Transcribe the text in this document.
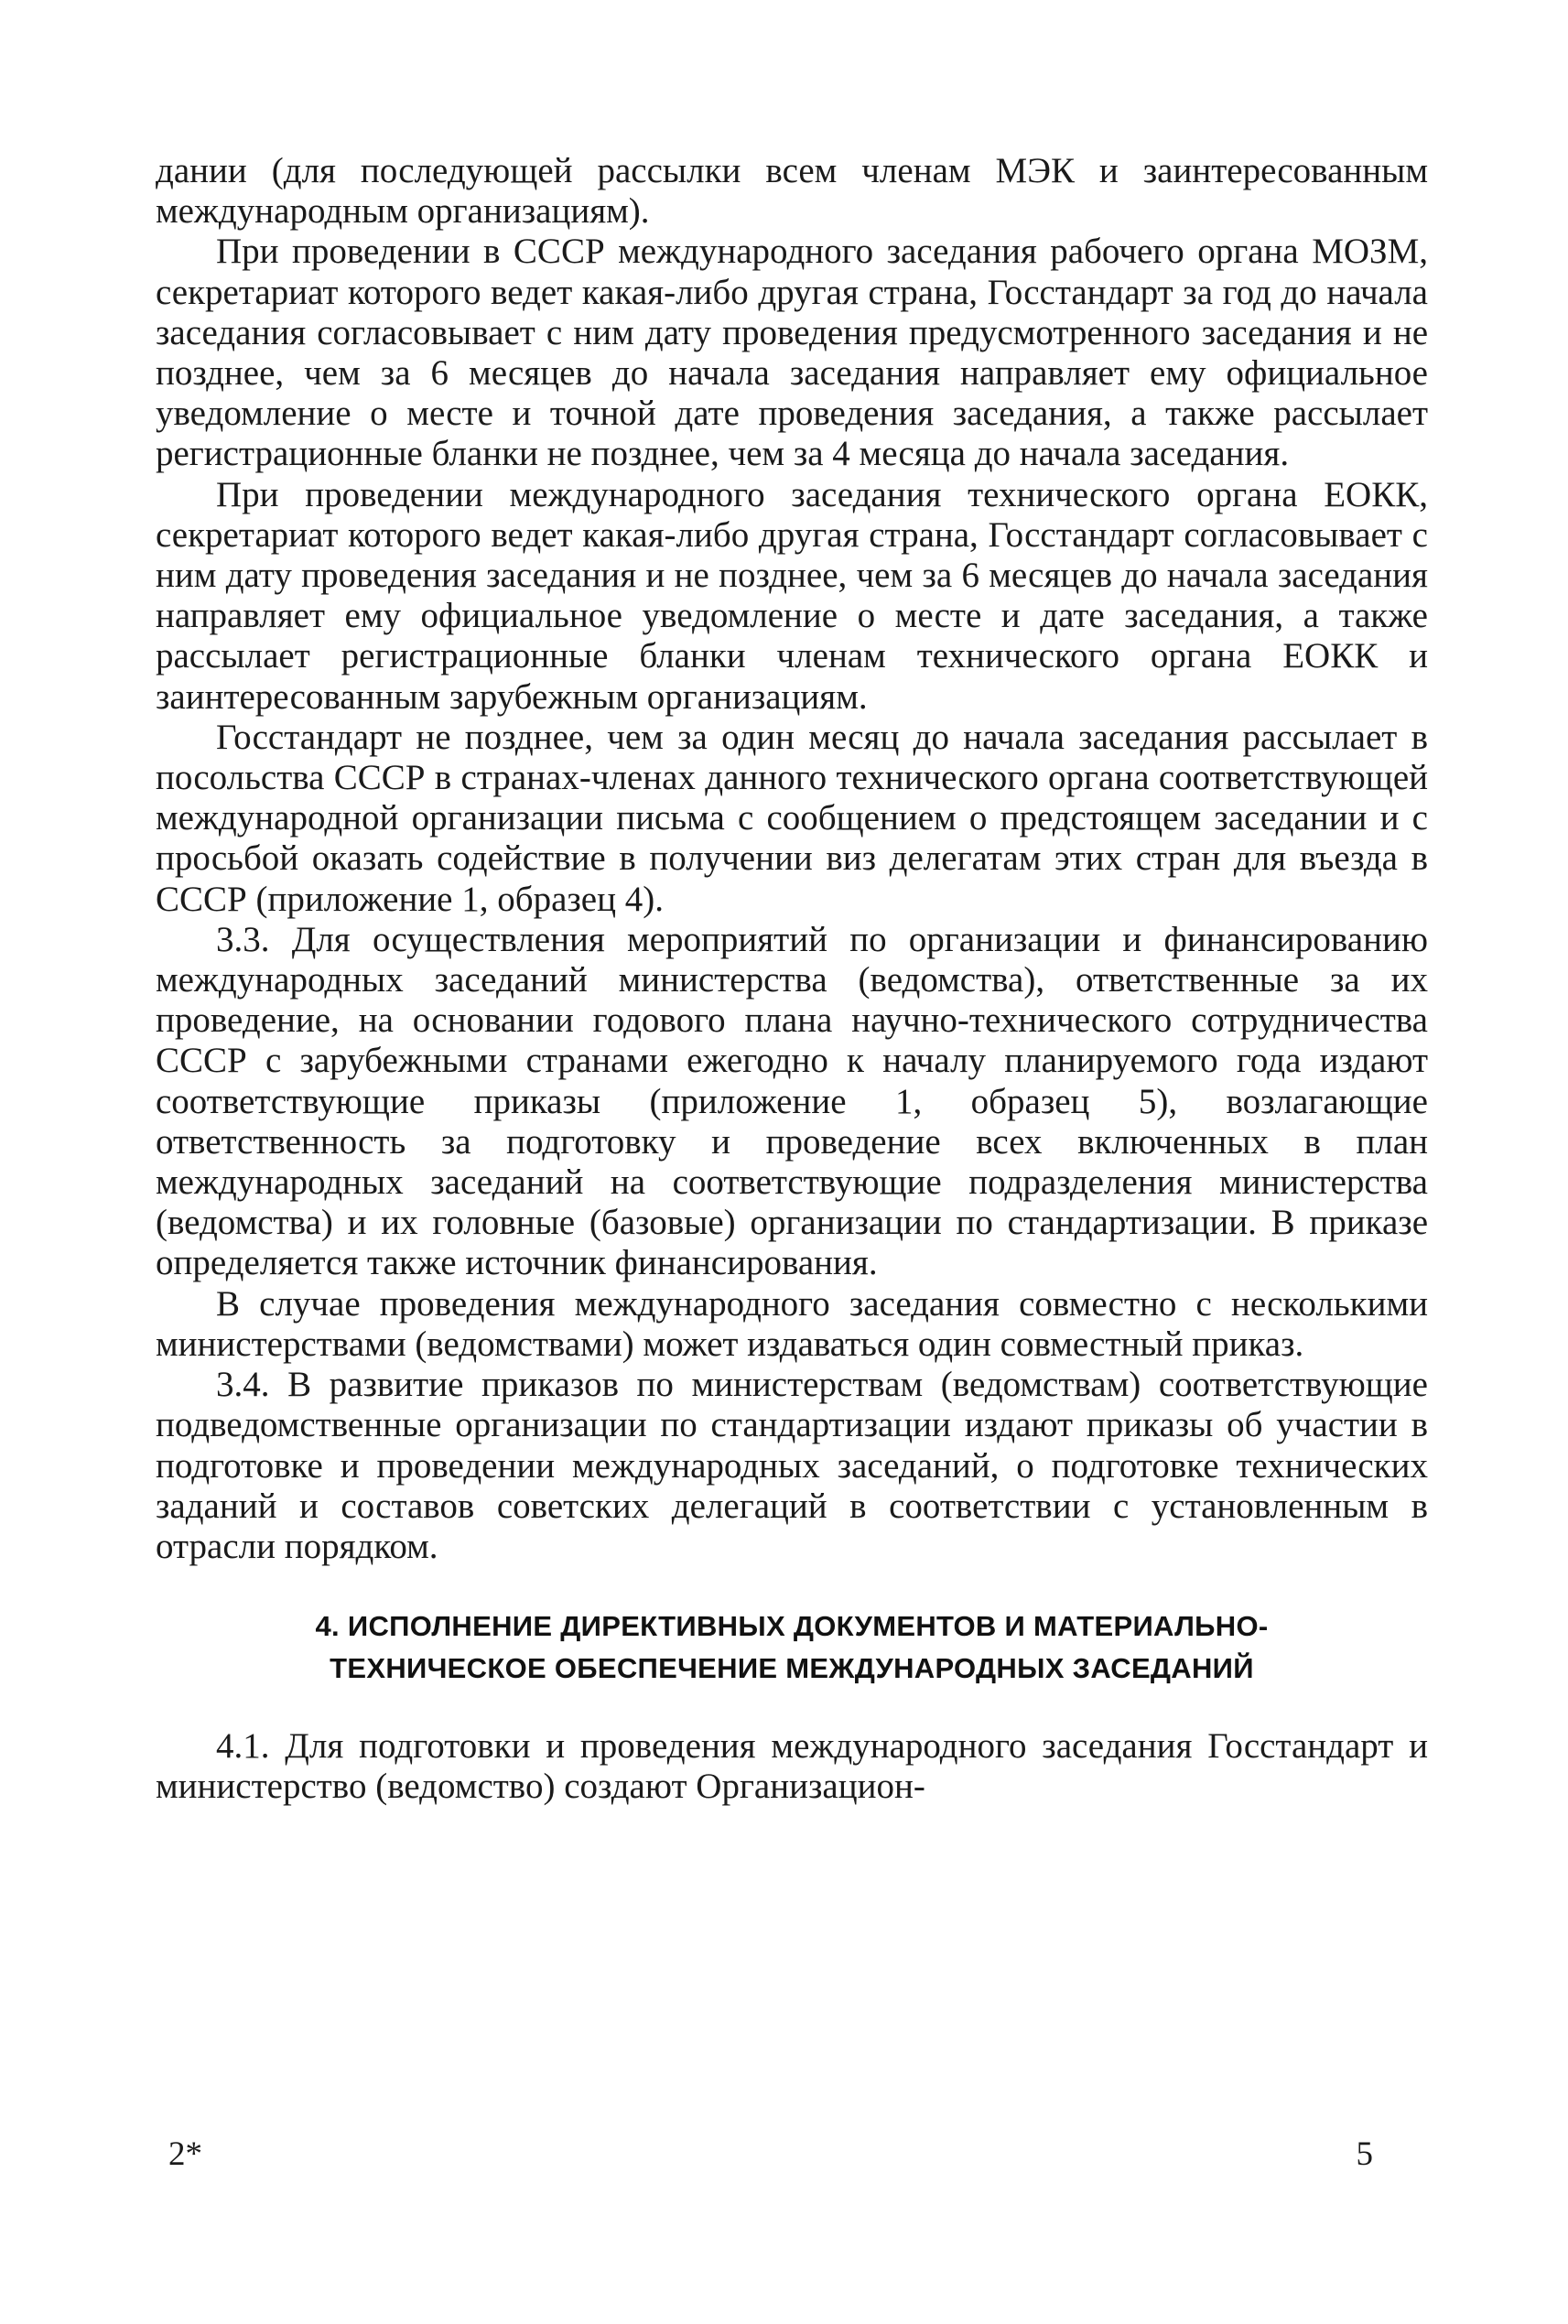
дании (для последующей рассылки всем членам МЭК и заинтересованным международным организациям).

При проведении в СССР международного заседания рабочего органа МОЗМ, секретариат которого ведет какая-либо другая страна, Госстандарт за год до начала заседания согласовывает с ним дату проведения предусмотренного заседания и не позднее, чем за 6 месяцев до начала заседания направляет ему официальное уведомление о месте и точной дате проведения заседания, а также рассылает регистрационные бланки не позднее, чем за 4 месяца до начала заседания.

При проведении международного заседания технического органа ЕОКК, секретариат которого ведет какая-либо другая страна, Госстандарт согласовывает с ним дату проведения заседания и не позднее, чем за 6 месяцев до начала заседания направляет ему официальное уведомление о месте и дате заседания, а также рассылает регистрационные бланки членам технического органа ЕОКК и заинтересованным зарубежным организациям.

Госстандарт не позднее, чем за один месяц до начала заседания рассылает в посольства СССР в странах-членах данного технического органа соответствующей международной организации письма с сообщением о предстоящем заседании и с просьбой оказать содействие в получении виз делегатам этих стран для въезда в СССР (приложение 1, образец 4).

3.3. Для осуществления мероприятий по организации и финансированию международных заседаний министерства (ведомства), ответственные за их проведение, на основании годового плана научно-технического сотрудничества СССР с зарубежными странами ежегодно к началу планируемого года издают соответствующие приказы (приложение 1, образец 5), возлагающие ответственность за подготовку и проведение всех включенных в план международных заседаний на соответствующие подразделения министерства (ведомства) и их головные (базовые) организации по стандартизации. В приказе определяется также источник финансирования.

В случае проведения международного заседания совместно с несколькими министерствами (ведомствами) может издаваться один совместный приказ.

3.4. В развитие приказов по министерствам (ведомствам) соответствующие подведомственные организации по стандартизации издают приказы об участии в подготовке и проведении международных заседаний, о подготовке технических заданий и составов советских делегаций в соответствии с установленным в отрасли порядком.

4. ИСПОЛНЕНИЕ ДИРЕКТИВНЫХ ДОКУМЕНТОВ И МАТЕРИАЛЬНО-
ТЕХНИЧЕСКОЕ ОБЕСПЕЧЕНИЕ МЕЖДУНАРОДНЫХ ЗАСЕДАНИЙ

4.1. Для подготовки и проведения международного заседания Госстандарт и министерство (ведомство) создают Организацион-

2*	5
